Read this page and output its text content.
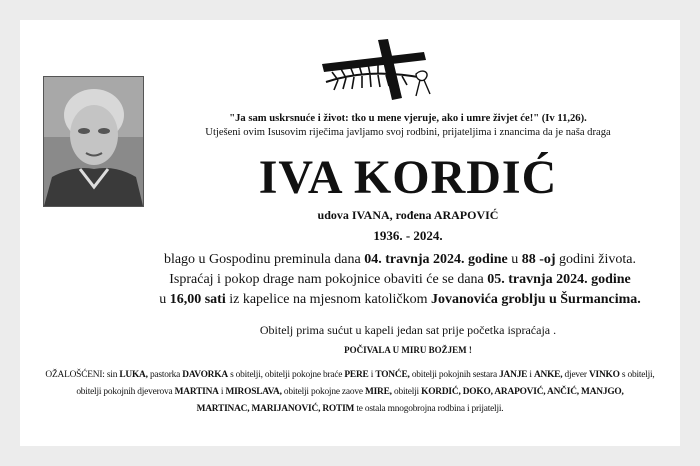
"Ja sam uskrsnuće i život: tko u mene vjeruje, ako i umre živjet će!" (Iv 11,26).
Utješeni ovim Isusovim riječima javljamo svoj rodbini, prijateljima i znancima da je naša draga
IVA KORDIĆ
udova IVANA, rođena ARAPOVIĆ
1936. - 2024.
blago u Gospodinu preminula dana 04. travnja 2024. godine u 88 -oj godini života.
Ispraćaj i pokop drage nam pokojnice obaviti će se dana 05. travnja 2024. godine
u 16,00 sati iz kapelice na mjesnom katoličkom Jovanovića groblju u Šurmancima.
Obitelj prima sućut u kapeli jedan sat prije početka ispraćaja .
POČIVALA U MIRU BOŽJEM !
OŽALOŠĆENI: sin LUKA, pastorka DAVORKA s obitelji, obitelji pokojne braće PERE i TONĆE, obitelji pokojnih sestara JANJE i ANKE, djever VINKO s obitelji,
obitelji pokojnih djeverova MARTINA i MIROSLAVA, obitelji pokojne zaove MIRE, obitelji KORDIĆ, DOKO, ARAPOVIĆ, ANČIĆ, MANJGO,
MARTINAC, MARIJANOVIĆ, ROTIM te ostala mnogobrojna rodbina i prijatelji.
